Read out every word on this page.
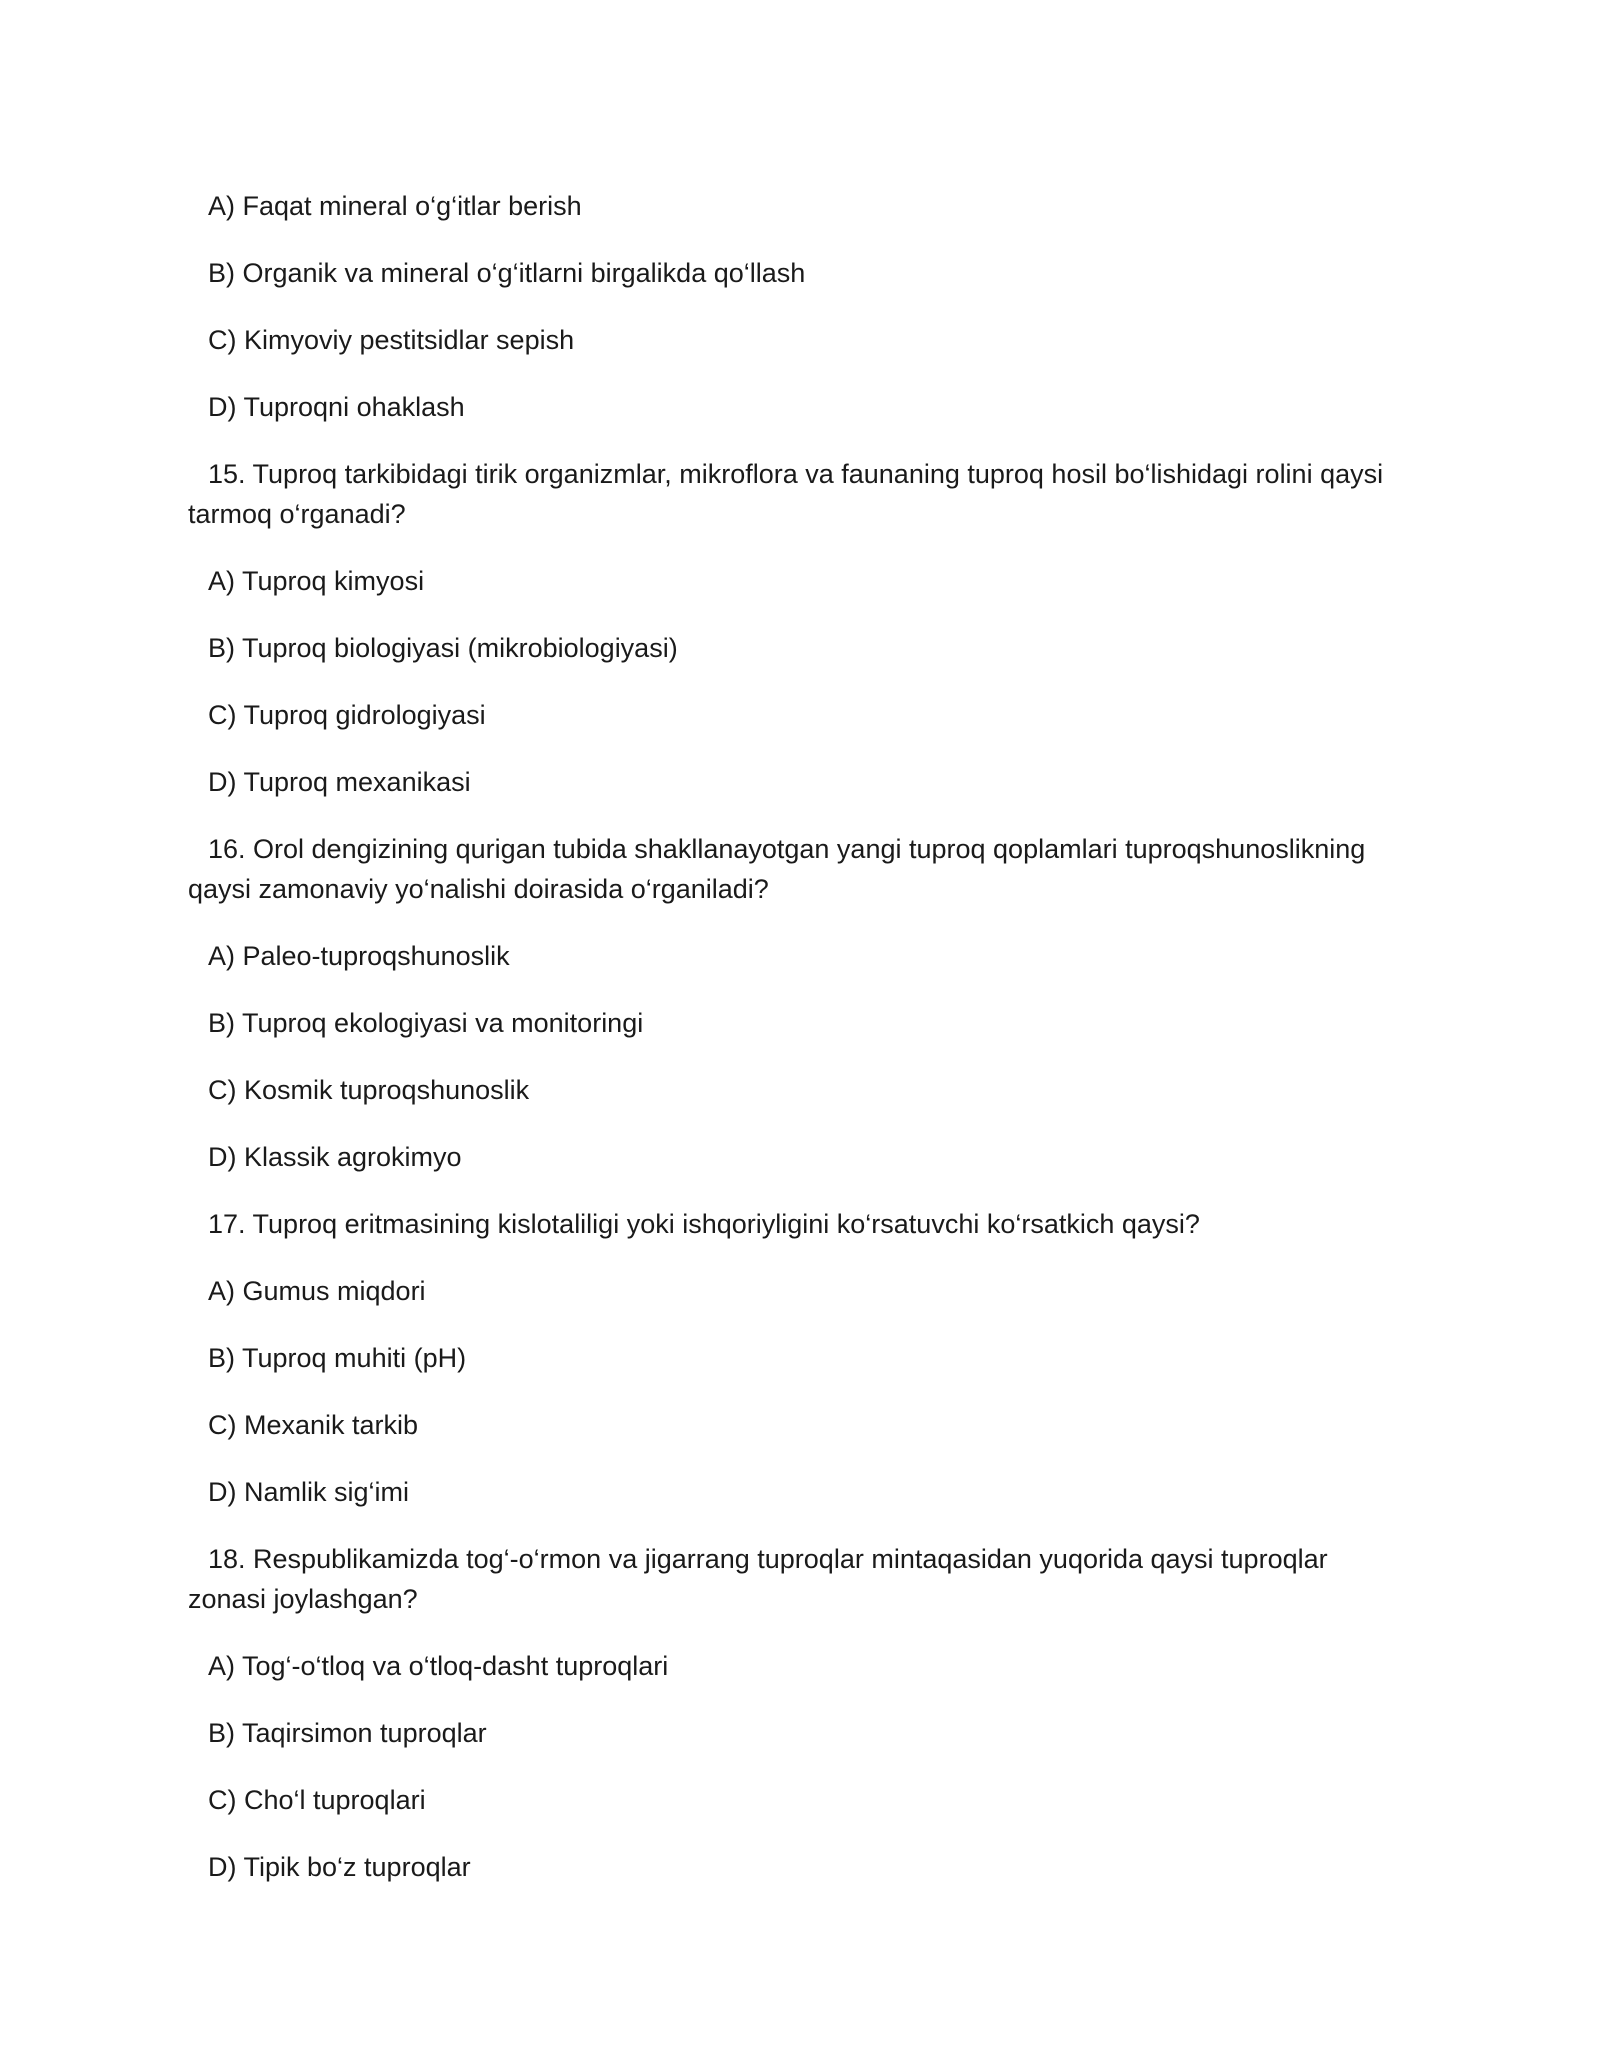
A) Faqat mineral o‘g‘itlar berish

B) Organik va mineral o‘g‘itlarni birgalikda qo‘llash

C) Kimyoviy pestitsidlar sepish

D) Tuproqni ohaklash

15. Tuproq tarkibidagi tirik organizmlar, mikroflora va faunaning tuproq hosil bo‘lishidagi rolini qaysi tarmoq o‘rganadi?

A) Tuproq kimyosi

B) Tuproq biologiyasi (mikrobiologiyasi)

C) Tuproq gidrologiyasi

D) Tuproq mexanikasi

16. Orol dengizining qurigan tubida shakllanayotgan yangi tuproq qoplamlari tuproqshunoslikning qaysi zamonaviy yo‘nalishi doirasida o‘rganiladi?

A) Paleo-tuproqshunoslik

B) Tuproq ekologiyasi va monitoringi

C) Kosmik tuproqshunoslik

D) Klassik agrokimyo

17. Tuproq eritmasining kislotaliligi yoki ishqoriyligini ko‘rsatuvchi ko‘rsatkich qaysi?

A) Gumus miqdori

B) Tuproq muhiti (pH)

C) Mexanik tarkib

D) Namlik sig‘imi

18. Respublikamizda tog‘-o‘rmon va jigarrang tuproqlar mintaqasidan yuqorida qaysi tuproqlar zonasi joylashgan?

A) Tog‘-o‘tloq va o‘tloq-dasht tuproqlari

B) Taqirsimon tuproqlar

C) Cho‘l tuproqlari

D) Tipik bo‘z tuproqlar
